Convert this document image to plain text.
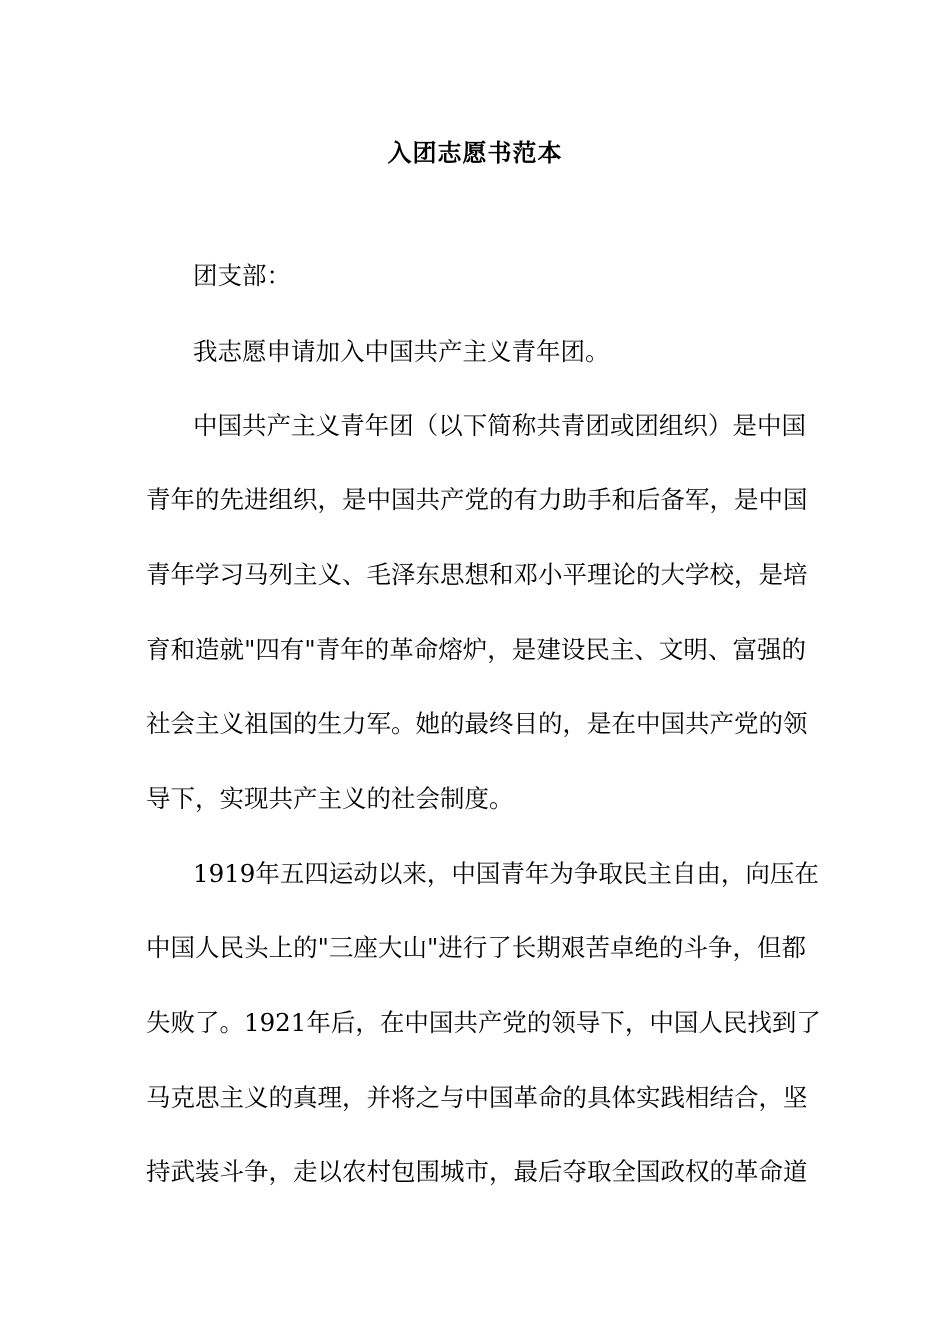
入团志愿书范本
团支部：
我志愿申请加入中国共产主义青年团。
中国共产主义青年团（以下简称共青团或团组织）是中国
青年的先进组织，是中国共产党的有力助手和后备军，是中国
青年学习马列主义、毛泽东思想和邓小平理论的大学校，是培
育和造就"四有"青年的革命熔炉，是建设民主、文明、富强的
社会主义祖国的生力军。她的最终目的，是在中国共产党的领
导下，实现共产主义的社会制度。
1919年五四运动以来，中国青年为争取民主自由，向压在
中国人民头上的"三座大山"进行了长期艰苦卓绝的斗争，但都
失败了。1921年后，在中国共产党的领导下，中国人民找到了
马克思主义的真理，并将之与中国革命的具体实践相结合，坚
持武装斗争，走以农村包围城市，最后夺取全国政权的革命道
